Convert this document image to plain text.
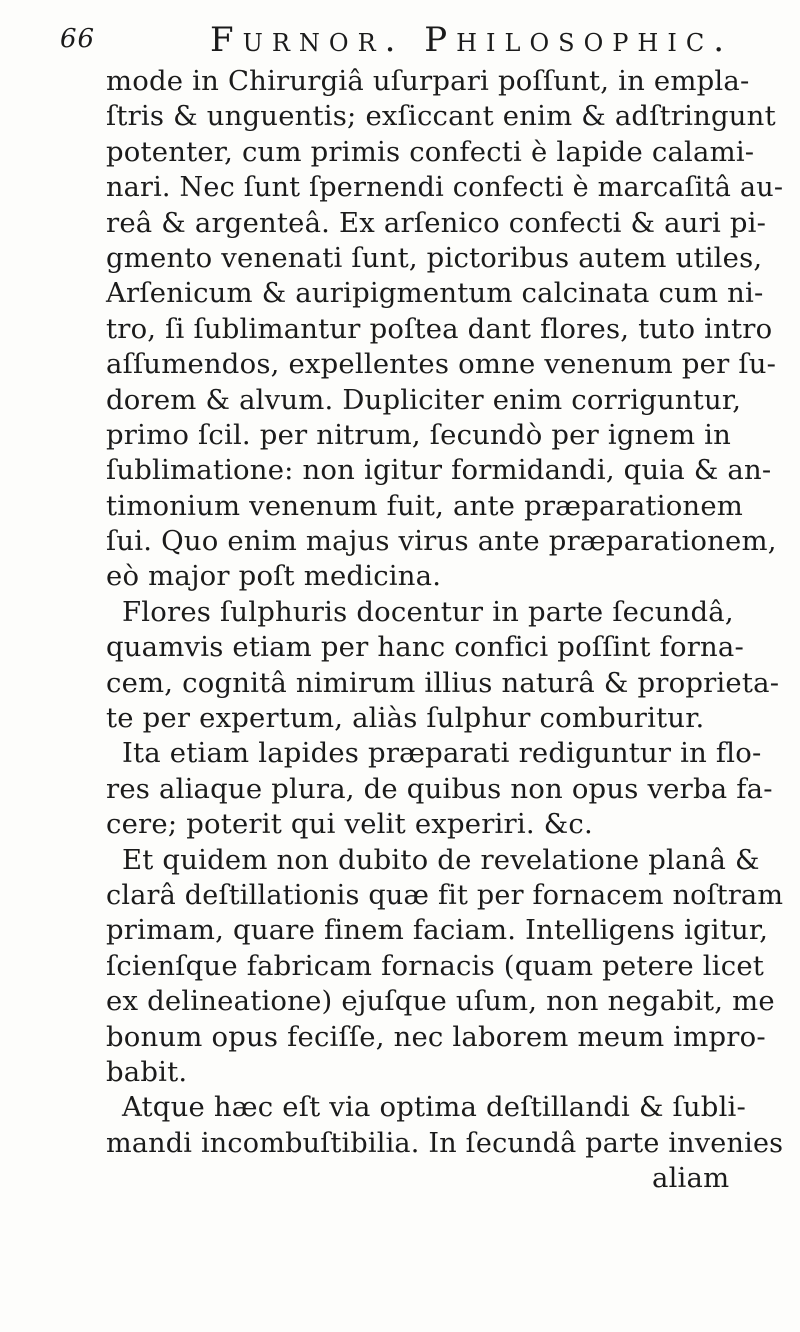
66	Furnor. Philosophic.
mode in Chirurgiâ uſurpari poſſunt, in empla-
ſtris & unguentis; exſiccant enim & adſtringunt
potenter, cum primis confecti è lapide calami-
nari. Nec ſunt ſpernendi confecti è marcaſitâ au-
reâ & argenteâ. Ex arſenico confecti & auri pi-
gmento venenati ſunt, pictoribus autem utiles,
Arſenicum & auripigmentum calcinata cum ni-
tro, ſi ſublimantur poſtea dant flores, tuto intro
aſſumendos, expellentes omne venenum per ſu-
dorem & alvum. Dupliciter enim corriguntur,
primo ſcil. per nitrum, ſecundò per ignem in
ſublimatione: non igitur formidandi, quia & an-
timonium venenum fuit, ante præparationem
ſui. Quo enim majus virus ante præparationem,
eò major poſt medicina.
Flores ſulphuris docentur in parte ſecundâ,
quamvis etiam per hanc confici poſſint forna-
cem, cognitâ nimirum illius naturâ & proprieta-
te per expertum, aliàs ſulphur comburitur.
Ita etiam lapides præparati rediguntur in flo-
res aliaque plura, de quibus non opus verba fa-
cere; poterit qui velit experiri. &c.
Et quidem non dubito de revelatione planâ &
clarâ deſtillationis quæ fit per fornacem noſtram
primam, quare finem faciam. Intelligens igitur,
ſcienſque fabricam fornacis (quam petere licet
ex delineatione) ejuſque uſum, non negabit, me
bonum opus feciſſe, nec laborem meum impro-
babit.
Atque hæc eſt via optima deſtillandi & ſubli-
mandi incombuſtibilia. In ſecundâ parte invenies
aliam
